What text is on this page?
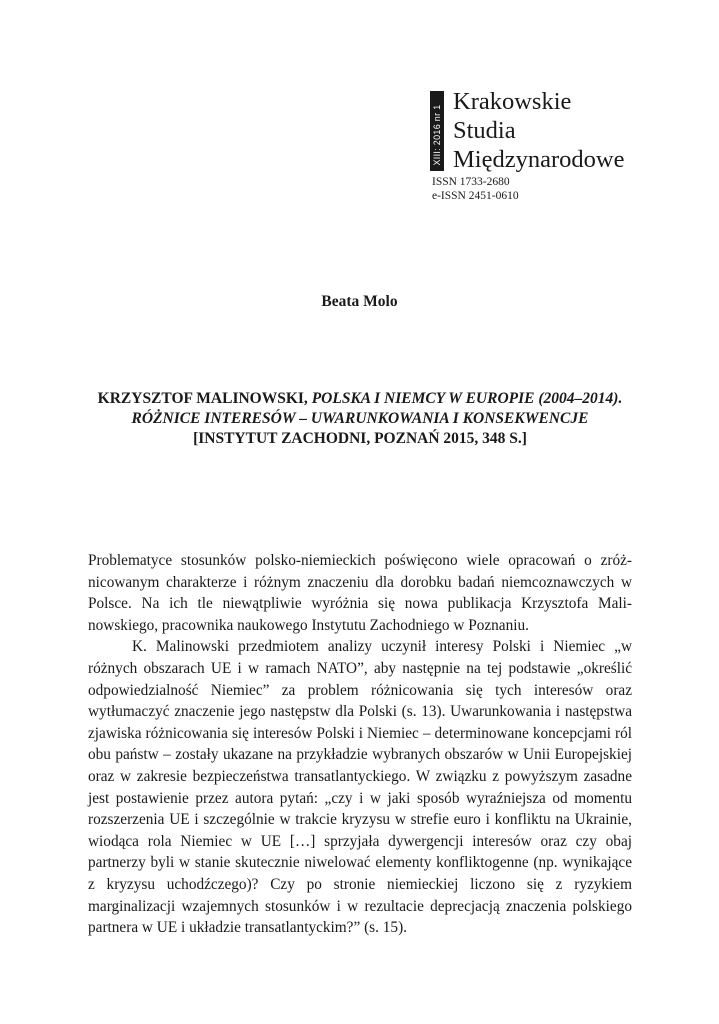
XIII: 2016 nr 1
Krakowskie
Studia
Międzynarodowe
ISSN 1733-2680
e-ISSN 2451-0610
Beata Molo
KRZYSZTOF MALINOWSKI, POLSKA I NIEMCY W EUROPIE (2004–2014). RÓŻNICE INTERESÓW – UWARUNKOWANIA I KONSEKWENCJE
[INSTYTUT ZACHODNI, POZNAŃ 2015, 348 S.]

Problematyce stosunków polsko-niemieckich poświęcono wiele opracowań o zróżnicowanym charakterze i różnym znaczeniu dla dorobku badań niemcoznawczych w Polsce. Na ich tle niewątpliwie wyróżnia się nowa publikacja Krzysztofa Malinowskiego, pracownika naukowego Instytutu Zachodniego w Poznaniu.

K. Malinowski przedmiotem analizy uczynił interesy Polski i Niemiec „w różnych obszarach UE i w ramach NATO”, aby następnie na tej podstawie „określić odpowiedzialność Niemiec” za problem różnicowania się tych interesów oraz wytłumaczyć znaczenie jego następstw dla Polski (s. 13). Uwarunkowania i następstwa zjawiska różnicowania się interesów Polski i Niemiec – determinowane koncepcjami ról obu państw – zostały ukazane na przykładzie wybranych obszarów w Unii Europejskiej oraz w zakresie bezpieczeństwa transatlantyckiego. W związku z powyższym zasadne jest postawienie przez autora pytań: „czy i w jaki sposób wyraźniejsza od momentu rozszerzenia UE i szczególnie w trakcie kryzysu w strefie euro i konfliktu na Ukrainie, wiodąca rola Niemiec w UE […] sprzyjała dywergencji interesów oraz czy obaj partnerzy byli w stanie skutecznie niwelować elementy konfliktogenne (np. wynikające z kryzysu uchodźczego)? Czy po stronie niemieckiej liczono się z ryzykiem marginalizacji wzajemnych stosunków i w rezultacie deprecjacją znaczenia polskiego partnera w UE i układzie transatlantyckim?” (s. 15).
